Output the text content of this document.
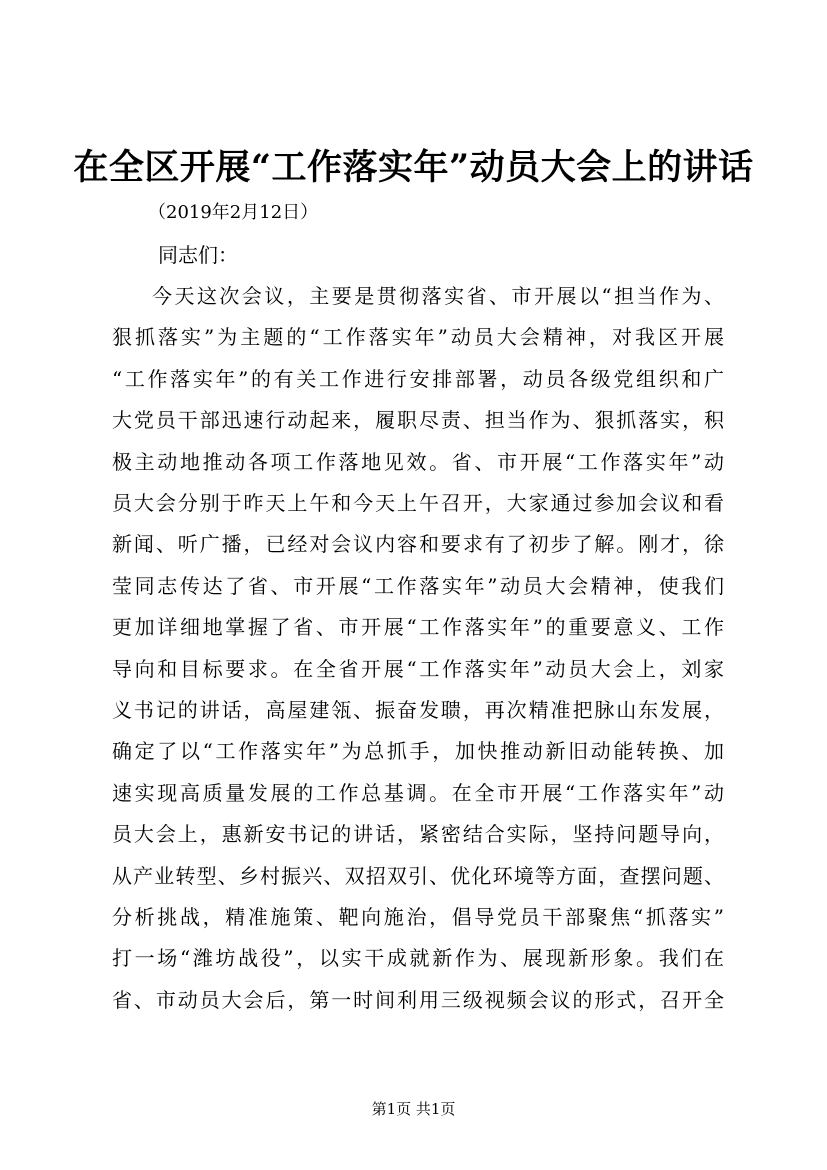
在全区开展“工作落实年”动员大会上的讲话
（2019年2月12日）
同志们：
今天这次会议，主要是贯彻落实省、市开展以“担当作为、
狠抓落实”为主题的“工作落实年”动员大会精神，对我区开展
“工作落实年”的有关工作进行安排部署，动员各级党组织和广
大党员干部迅速行动起来，履职尽责、担当作为、狠抓落实，积
极主动地推动各项工作落地见效。省、市开展“工作落实年”动
员大会分别于昨天上午和今天上午召开，大家通过参加会议和看
新闻、听广播，已经对会议内容和要求有了初步了解。刚才，徐
莹同志传达了省、市开展“工作落实年”动员大会精神，使我们
更加详细地掌握了省、市开展“工作落实年”的重要意义、工作
导向和目标要求。在全省开展“工作落实年”动员大会上，刘家
义书记的讲话，高屋建瓴、振奋发聩，再次精准把脉山东发展，
确定了以“工作落实年”为总抓手，加快推动新旧动能转换、加
速实现高质量发展的工作总基调。在全市开展“工作落实年”动
员大会上，惠新安书记的讲话，紧密结合实际，坚持问题导向，
从产业转型、乡村振兴、双招双引、优化环境等方面，查摆问题、
分析挑战，精准施策、靶向施治，倡导党员干部聚焦“抓落实”
打一场“潍坊战役”，以实干成就新作为、展现新形象。我们在
省、市动员大会后，第一时间利用三级视频会议的形式，召开全
第1页 共1页
